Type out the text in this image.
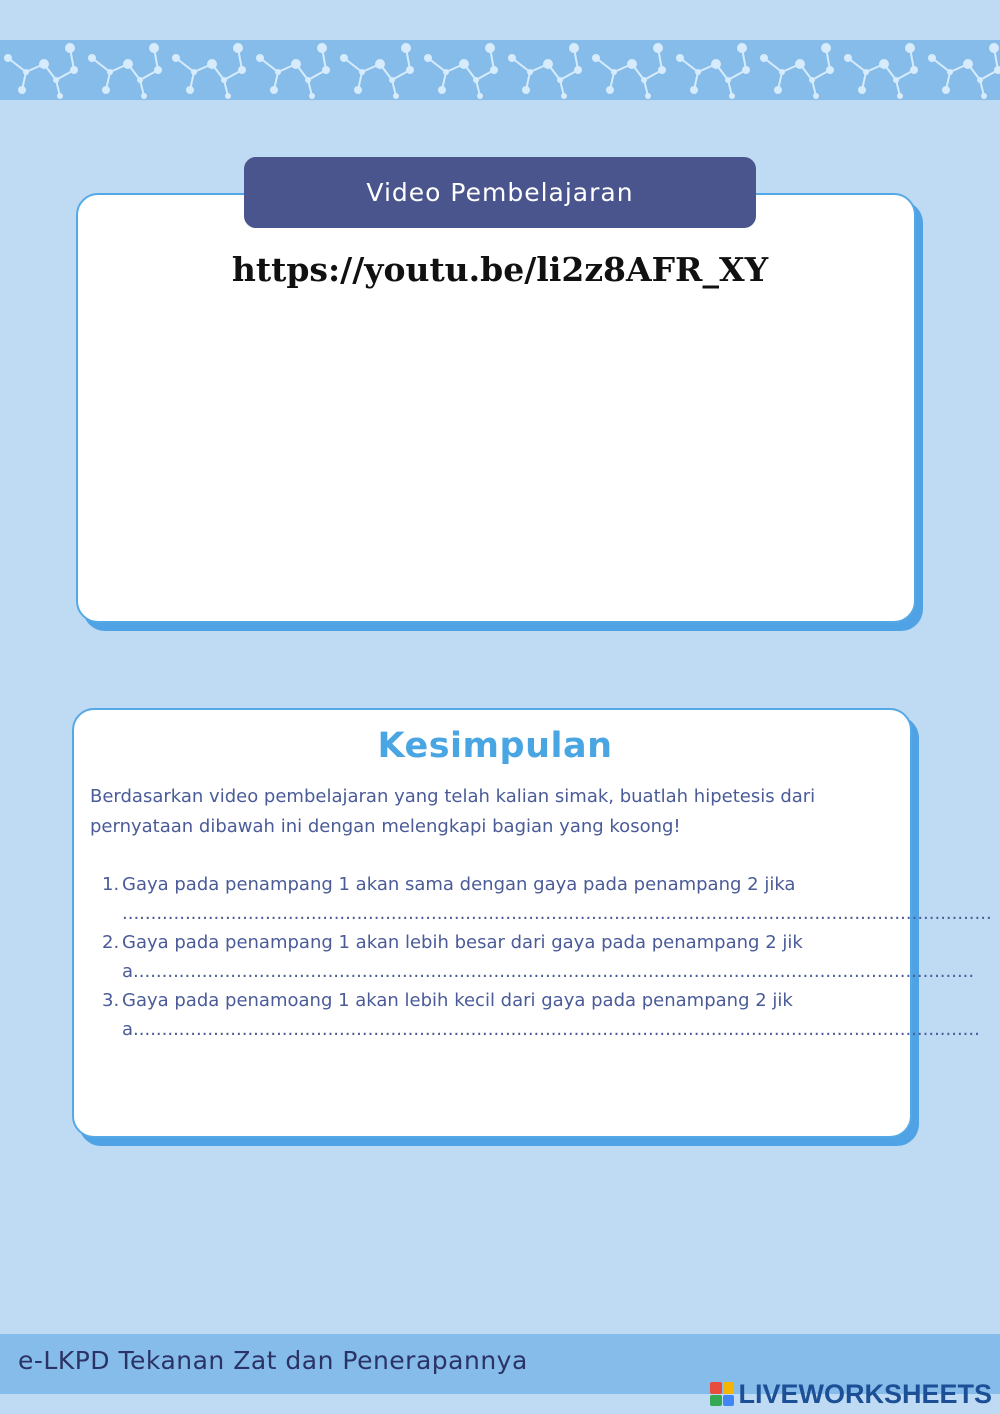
Video Pembelajaran
https://youtu.be/li2z8AFR_XY
Kesimpulan
Berdasarkan video pembelajaran yang telah kalian simak, buatlah hipetesis dari pernyataan dibawah ini dengan melengkapi bagian yang kosong!
1. Gaya pada penampang 1 akan sama dengan gaya pada penampang 2 jika ........................................................................................................................................................
2. Gaya pada penampang 1 akan lebih besar dari gaya pada penampang 2 jika...................................................................................................................................................
3. Gaya pada penamoang 1 akan lebih kecil dari gaya pada penampang 2 jika....................................................................................................................................................
e-LKPD Tekanan Zat dan Penerapannya
LIVEWORKSHEETS
